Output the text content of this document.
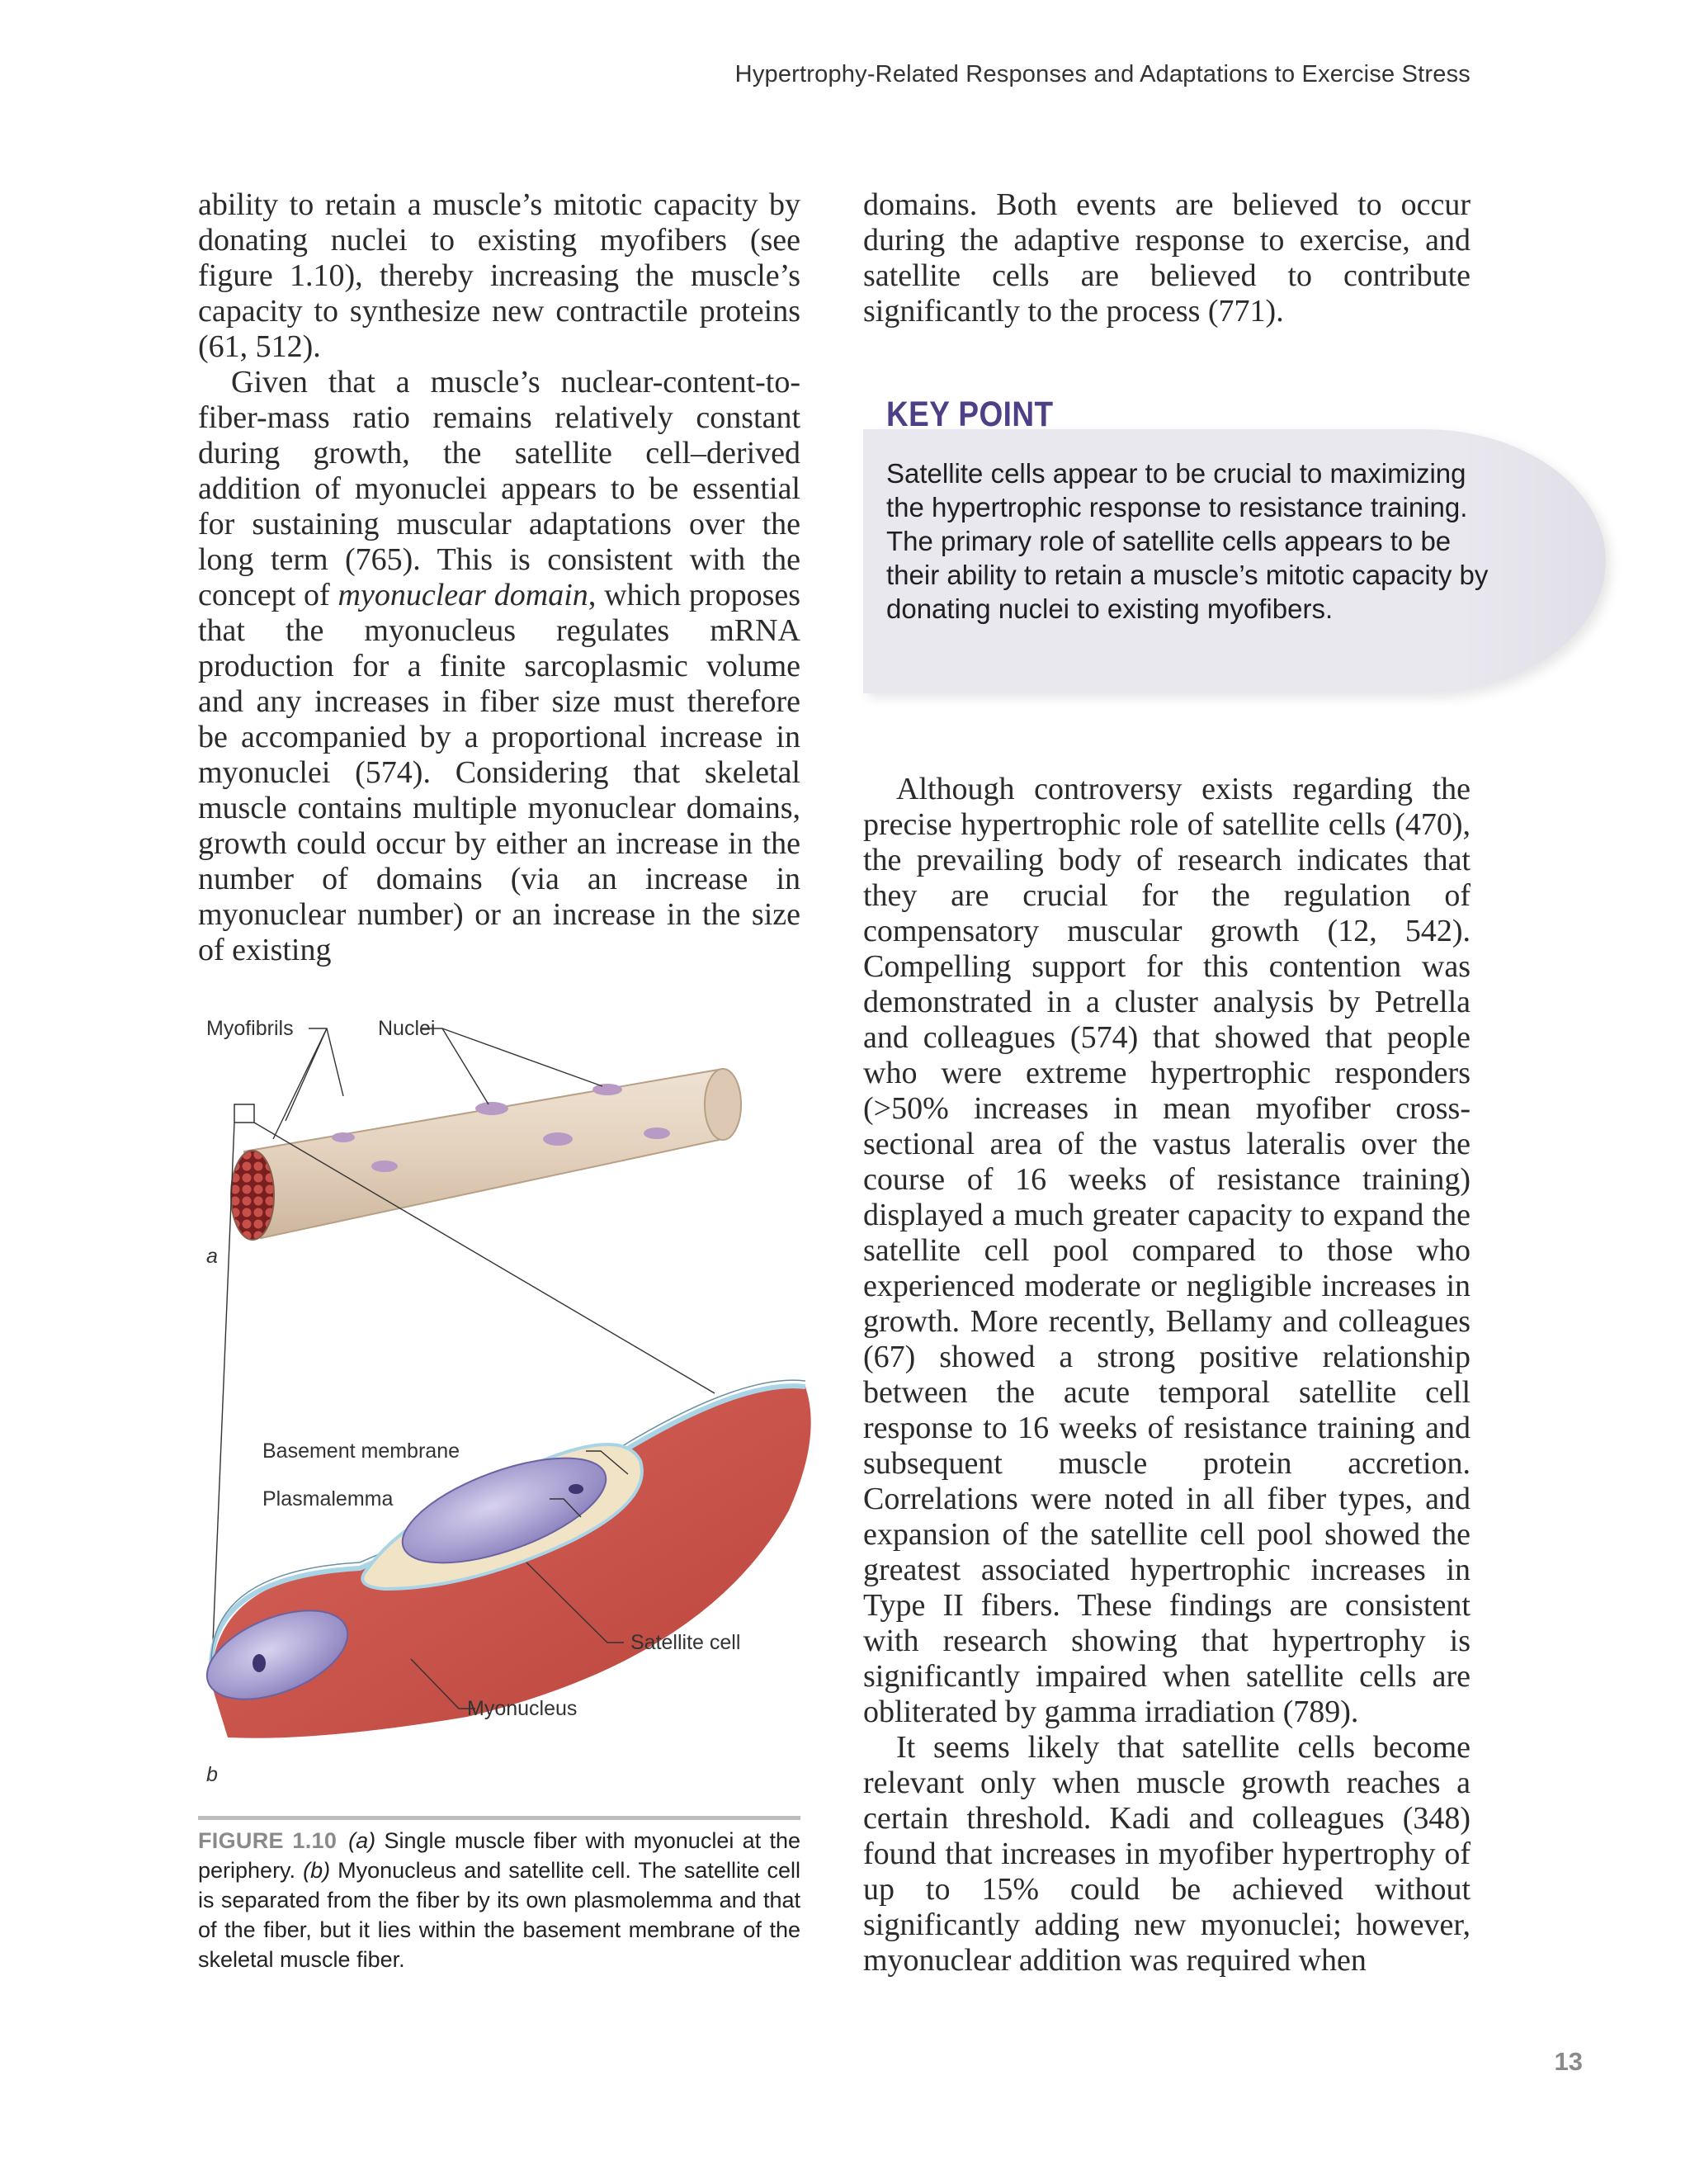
Hypertrophy-Related Responses and Adaptations to Exercise Stress

ability to retain a muscle’s mitotic capacity by donating nuclei to existing myofibers (see figure 1.10), thereby increasing the muscle’s capacity to synthesize new contractile proteins (61, 512).

Given that a muscle’s nuclear-content-to-fiber-mass ratio remains relatively constant during growth, the satellite cell–derived addition of myonuclei appears to be essential for sustaining muscular adaptations over the long term (765). This is consistent with the concept of myonuclear domain, which proposes that the myonucleus regulates mRNA production for a finite sarcoplasmic volume and any increases in fiber size must therefore be accompanied by a proportional increase in myonuclei (574). Considering that skeletal muscle contains multiple myonuclear domains, growth could occur by either an increase in the number of domains (via an increase in myonuclear number) or an increase in the size of existing

domains. Both events are believed to occur during the adaptive response to exercise, and satellite cells are believed to contribute significantly to the process (771).

KEY POINT
Satellite cells appear to be crucial to maximizing the hypertrophic response to resistance training. The primary role of satellite cells appears to be their ability to retain a muscle’s mitotic capacity by donating nuclei to existing myofibers.

Although controversy exists regarding the precise hypertrophic role of satellite cells (470), the prevailing body of research indicates that they are crucial for the regulation of compensatory muscular growth (12, 542). Compelling support for this contention was demonstrated in a cluster analysis by Petrella and colleagues (574) that showed that people who were extreme hypertrophic responders (>50% increases in mean myofiber cross-sectional area of the vastus lateralis over the course of 16 weeks of resistance training) displayed a much greater capacity to expand the satellite cell pool compared to those who experienced moderate or negligible increases in growth. More recently, Bellamy and colleagues (67) showed a strong positive relationship between the acute temporal satellite cell response to 16 weeks of resistance training and subsequent muscle protein accretion. Correlations were noted in all fiber types, and expansion of the satellite cell pool showed the greatest associated hypertrophic increases in Type II fibers. These findings are consistent with research showing that hypertrophy is significantly impaired when satellite cells are obliterated by gamma irradiation (789).

It seems likely that satellite cells become relevant only when muscle growth reaches a certain threshold. Kadi and colleagues (348) found that increases in myofiber hypertrophy of up to 15% could be achieved without significantly adding new myonuclei; however, myonuclear addition was required when

Myofibrils	Nuclei
a
Basement membrane
Plasmalemma
Satellite cell
Myonucleus
b
FIGURE 1.10 (a) Single muscle fiber with myonuclei at the periphery. (b) Myonucleus and satellite cell. The satellite cell is separated from the fiber by its own plasmolemma and that of the fiber, but it lies within the basement membrane of the skeletal muscle fiber.
13
